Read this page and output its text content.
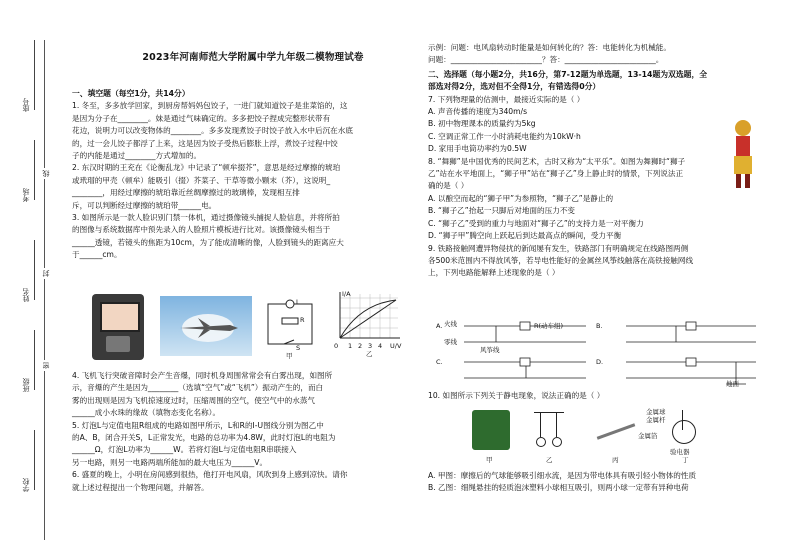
座号
考场
姓名
班级
学校
线
封
密
2023年河南师范大学附属中学九年级二模物理试卷

一、填空题（每空1分，共14分）

1. 冬至，多多放学回家，到厨房帮妈妈包饺子，一进门就知道饺子是韭菜馅的，这

是因为分子在________。妹是通过气味确定的。多多把饺子捏成完整形状带有

花边，说明力可以改变物体的________。多多发现煮饺子时饺子放入水中后沉在水底

的，过一会儿饺子都浮了上来，这是因为饺子受热后膨胀上浮，煮饺子过程中饺

子的内能是通过________方式增加的。

2. 东汉时期的王充在《论衡乱龙》中记录了“顿牟掇芥”，意思是经过摩擦的琥珀

或玳瑁的甲壳（顿牟）能吸引（掇）芥菜子、干草等微小颗末（芥），这说明_

________，用经过摩擦的琥珀靠近丝绸摩擦过的玻璃棒，发现相互排

斥，可以判断经过摩擦的琥珀带______电。

3. 如图所示是一款人脸识别门禁一体机，通过摄像镜头捕捉人脸信息，并将所拍

的图像与系统数据库中预先录入的人脸照片模板进行比对。该摄像镜头相当于

______透镜，若镜头的焦距为10cm，为了能成清晰的像，人脸到镜头的距离应大

于______cm。

L
R
S
甲
I/A
U/V
0 1 2 3 4
乙

4. 飞机飞行突破音障时会产生音爆，同时机身周围常常会有白雾出现，如图所

示，音爆的产生是因为________（选填“空气”或“飞机”）振动产生的，而白

雾的出现则是因为飞机掠速度过时，压缩周围的空气，使空气中的水蒸气

______成小水珠的缘故（填物态变化名称）。

5. 灯泡L与定值电阻R组成的电路如图甲所示，L和R的I-U图线分别为图乙中

的A、B，闭合开关S，L正常发光，电路的总功率为4.8W，此时灯泡L的电阻为

______Ω，灯泡L功率为______W。若将灯泡L与定值电阻R串联接入

另一电路，则另一电路两端所能加的最大电压为______V。

6. 盛夏的晚上，小明在房间感到很热，他打开电风扇，风吹到身上感到凉快。请你

就上述过程提出一个物理问题，并解答。

示例：问题：电风扇转动时能量是如何转化的？答：电能转化为机械能。

问题：________________________？答：________________________。

二、选择题（每小题2分，共16分，第7-12题为单选题，13-14题为双选题，全

部选对得2分，选对但不全得1分，有错选得0分）

7. 下列物理量的估测中，最接近实际的是（ ）

A. 声音传播的速度为340m/s

B. 初中物理课本的质量约为5kg

C. 空调正常工作一小时消耗电能约为10kW·h

D. 家用手电筒功率约为0.5W

8. “舞狮”是中国优秀的民间艺术，古时又称为“太平乐”。如图为舞狮时“狮子

乙”站在水平地面上，“狮子甲”站在“狮子乙”身上静止时的情景，下列说法正

确的是（ ）

A. 以酿空而起的“狮子甲”为参照物，“狮子乙”是静止的

B. “狮子乙”抬起一只脚后对地面的压力不变

C. “狮子乙”受到的重力与地面对“狮子乙”的支持力是一对平衡力

D. “狮子甲”腾空向上跃起后到达最高点的瞬间，受力平衡

9. 铁路接触网遭异物侵扰的新闻屡有发生，铁路部门有明确规定在线路图两侧

各500米范围内不得放风筝，若导电性能好的金属丝风筝线触落在高铁接触网线

上，下列电路能解释上述现象的是（ ）

A. 火线
零线
R(动车组)
风筝线
B.
C.	D.
地面

10. 如图所示下列关于静电现象，说法正确的是（ ）

甲	乙	丙	丁
金属球
金属杆
金属箔
验电器

A. 甲图：摩擦后的气球能够吸引细水流，是因为带电体具有吸引轻小物体的性质

B. 乙图：细绳悬挂的轻质泡沫塑料小球相互吸引，则两小球一定带有异种电荷
